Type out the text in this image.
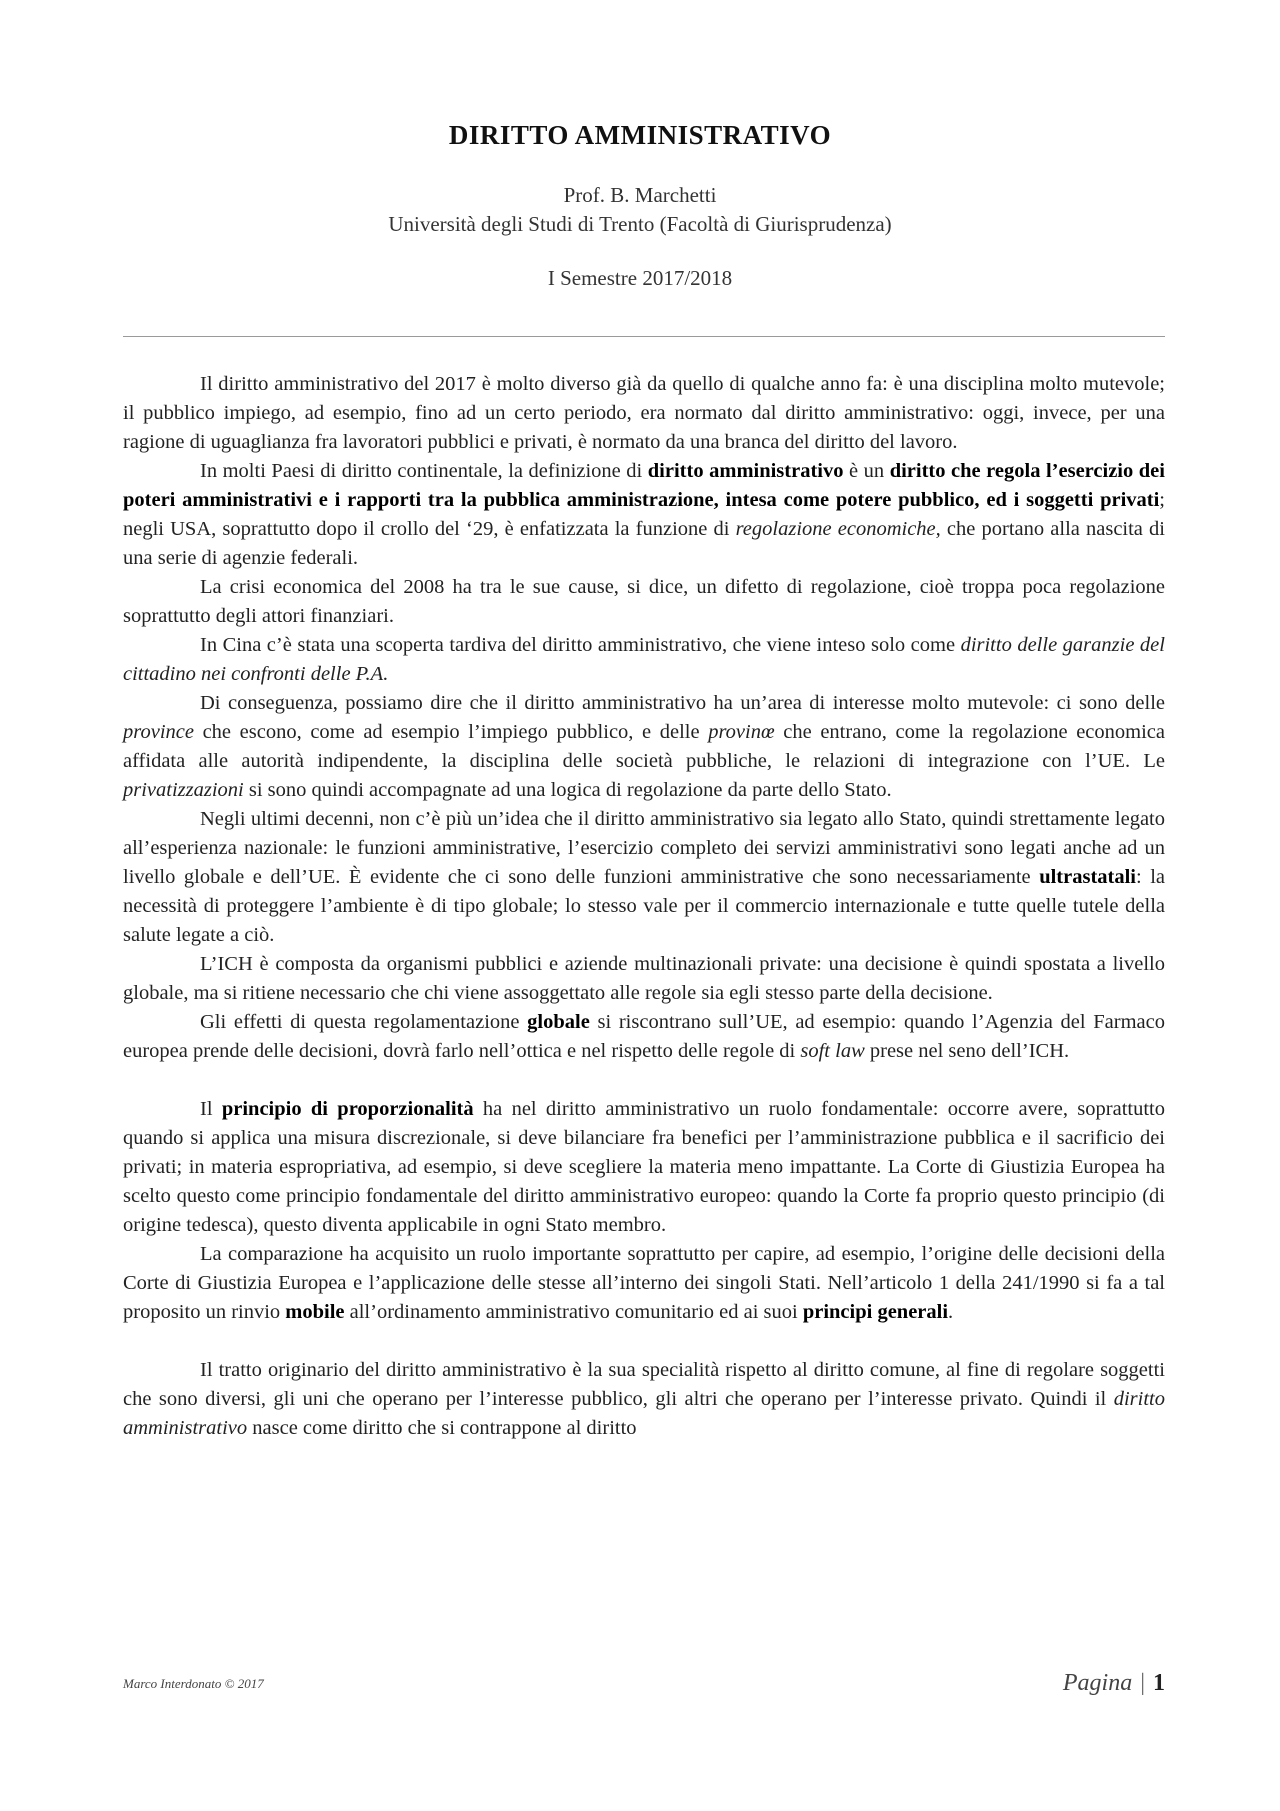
DIRITTO AMMINISTRATIVO
Prof. B. Marchetti
Università degli Studi di Trento (Facoltà di Giurisprudenza)
I Semestre 2017/2018

Il diritto amministrativo del 2017 è molto diverso già da quello di qualche anno fa: è una disciplina molto mutevole; il pubblico impiego, ad esempio, fino ad un certo periodo, era normato dal diritto amministrativo: oggi, invece, per una ragione di uguaglianza fra lavoratori pubblici e privati, è normato da una branca del diritto del lavoro.

In molti Paesi di diritto continentale, la definizione di diritto amministrativo è un diritto che regola l’esercizio dei poteri amministrativi e i rapporti tra la pubblica amministrazione, intesa come potere pubblico, ed i soggetti privati; negli USA, soprattutto dopo il crollo del ‘29, è enfatizzata la funzione di regolazione economiche, che portano alla nascita di una serie di agenzie federali.

La crisi economica del 2008 ha tra le sue cause, si dice, un difetto di regolazione, cioè troppa poca regolazione soprattutto degli attori finanziari.

In Cina c’è stata una scoperta tardiva del diritto amministrativo, che viene inteso solo come diritto delle garanzie del cittadino nei confronti delle P.A.

Di conseguenza, possiamo dire che il diritto amministrativo ha un’area di interesse molto mutevole: ci sono delle province che escono, come ad esempio l’impiego pubblico, e delle provinœ che entrano, come la regolazione economica affidata alle autorità indipendente, la disciplina delle società pubbliche, le relazioni di integrazione con l’UE. Le privatizzazioni si sono quindi accompagnate ad una logica di regolazione da parte dello Stato.

Negli ultimi decenni, non c’è più un’idea che il diritto amministrativo sia legato allo Stato, quindi strettamente legato all’esperienza nazionale: le funzioni amministrative, l’esercizio completo dei servizi amministrativi sono legati anche ad un livello globale e dell’UE. È evidente che ci sono delle funzioni amministrative che sono necessariamente ultrastatali: la necessità di proteggere l’ambiente è di tipo globale; lo stesso vale per il commercio internazionale e tutte quelle tutele della salute legate a ciò.

L’ICH è composta da organismi pubblici e aziende multinazionali private: una decisione è quindi spostata a livello globale, ma si ritiene necessario che chi viene assoggettato alle regole sia egli stesso parte della decisione.

Gli effetti di questa regolamentazione globale si riscontrano sull’UE, ad esempio: quando l’Agenzia del Farmaco europea prende delle decisioni, dovrà farlo nell’ottica e nel rispetto delle regole di soft law prese nel seno dell’ICH.

Il principio di proporzionalità ha nel diritto amministrativo un ruolo fondamentale: occorre avere, soprattutto quando si applica una misura discrezionale, si deve bilanciare fra benefici per l’amministrazione pubblica e il sacrificio dei privati; in materia espropriativa, ad esempio, si deve scegliere la materia meno impattante. La Corte di Giustizia Europea ha scelto questo come principio fondamentale del diritto amministrativo europeo: quando la Corte fa proprio questo principio (di origine tedesca), questo diventa applicabile in ogni Stato membro.

La comparazione ha acquisito un ruolo importante soprattutto per capire, ad esempio, l’origine delle decisioni della Corte di Giustizia Europea e l’applicazione delle stesse all’interno dei singoli Stati. Nell’articolo 1 della 241/1990 si fa a tal proposito un rinvio mobile all’ordinamento amministrativo comunitario ed ai suoi principi generali.

Il tratto originario del diritto amministrativo è la sua specialità rispetto al diritto comune, al fine di regolare soggetti che sono diversi, gli uni che operano per l’interesse pubblico, gli altri che operano per l’interesse privato. Quindi il diritto amministrativo nasce come diritto che si contrappone al diritto

Marco Interdonato © 2017	Pagina | 1
